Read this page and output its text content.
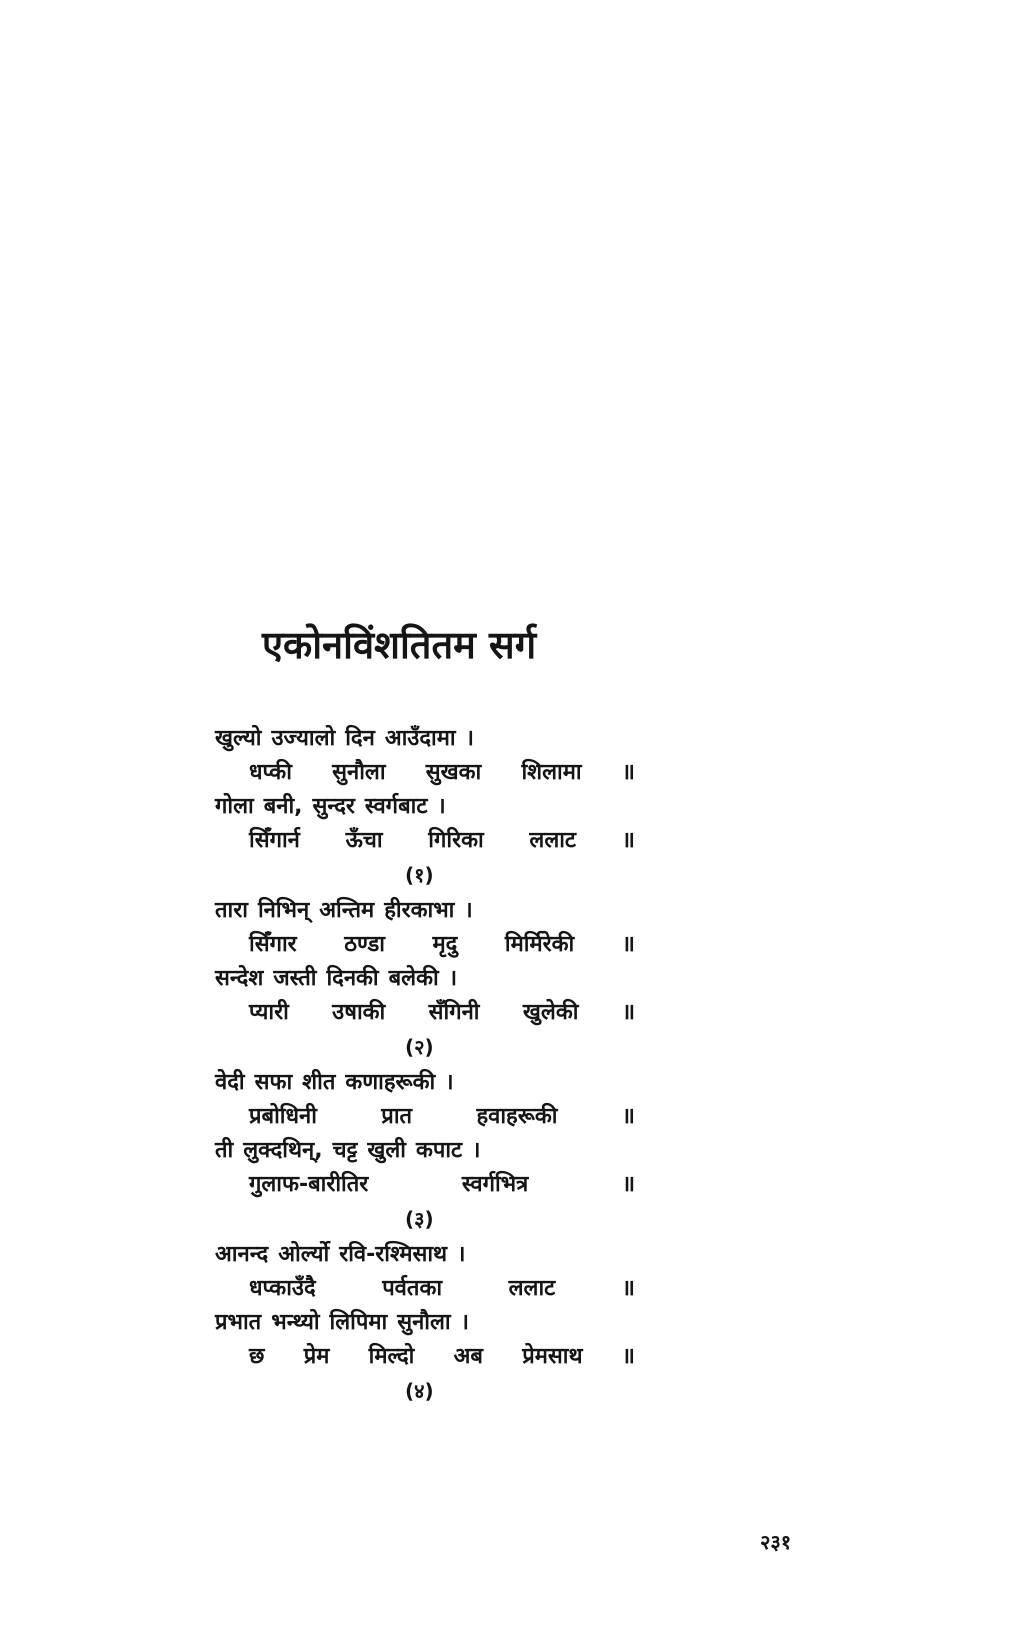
एकोनविंशतितम सर्ग
खुल्यो उज्यालो दिन आउँदामा ।
धप्की सुनौला सुखका शिलामा ॥
गोला बनी, सुन्दर स्वर्गबाट ।
सिँगार्न ऊँचा गिरिका ललाट ॥
(१)
तारा निभिन् अन्तिम हीरकाभा ।
सिँगार ठण्डा मृदु मिर्मिरेकी ॥
सन्देश जस्ती दिनकी बलेकी ।
प्यारी उषाकी सँगिनी खुलेकी ॥
(२)
वेदी सफा शीत कणाहरूकी ।
प्रबोधिनी	प्रात	हवाहरूकी	॥
ती लुक्दथिन्, चट्ट खुली कपाट ।
गुलाफ-बारीतिर	स्वर्गभित्र	॥
(३)
आनन्द ओर्ल्यो रवि-रश्मिसाथ ।
धप्काउँदै	पर्वतका	ललाट	॥
प्रभात भन्थ्यो लिपिमा सुनौला ।
छ प्रेम मिल्दो अब प्रेमसाथ ॥
(४)
२३१
